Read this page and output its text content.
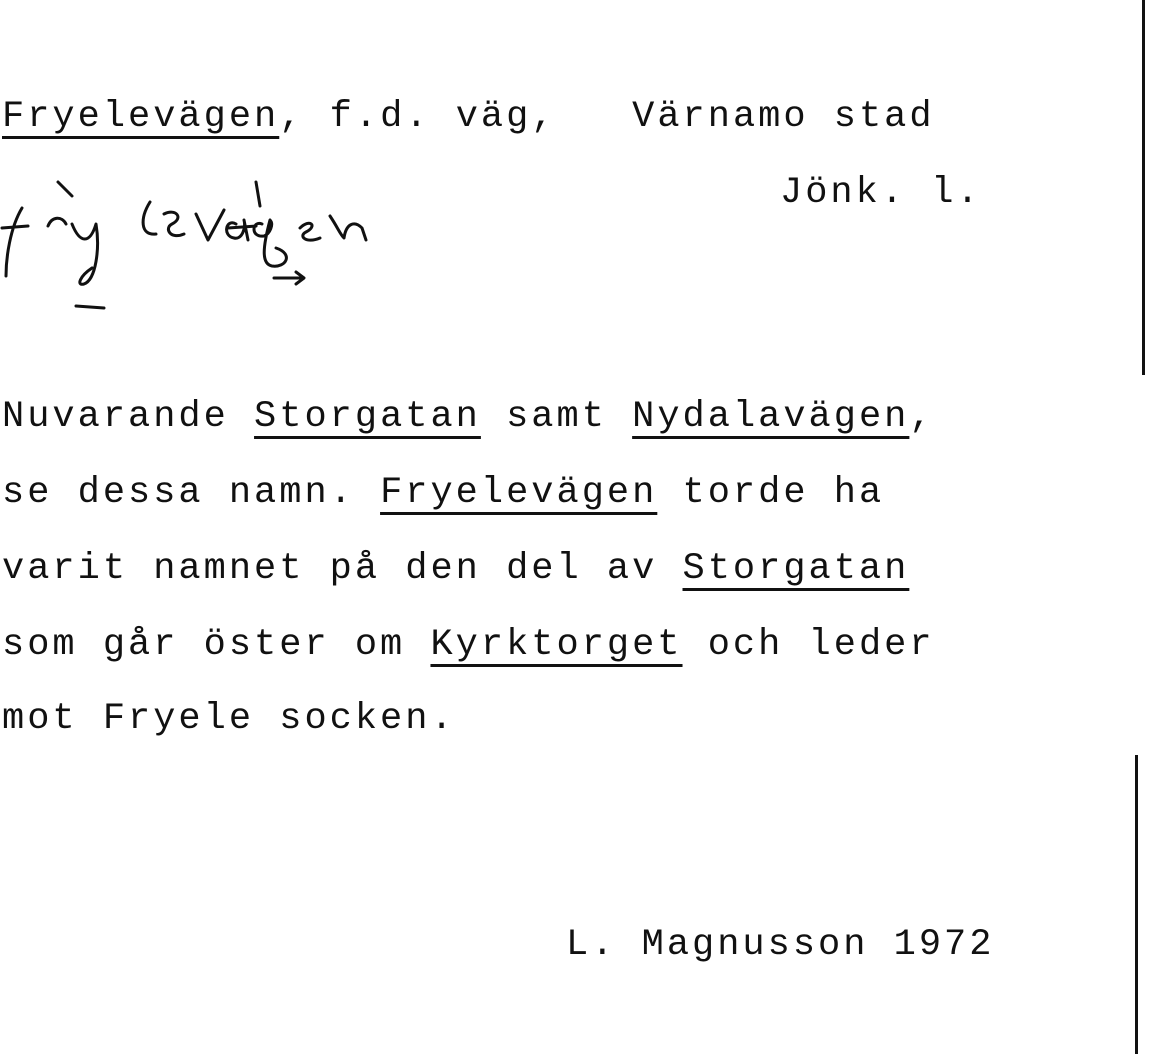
Fryelevägen, f.d. väg, Värnamo stad
Jönk. l.
Nuvarande Storgatan samt Nydalavägen,
se dessa namn. Fryelevägen torde ha
varit namnet på den del av Storgatan
som går öster om Kyrktorget och leder
mot Fryele socken.
L. Magnusson 1972
